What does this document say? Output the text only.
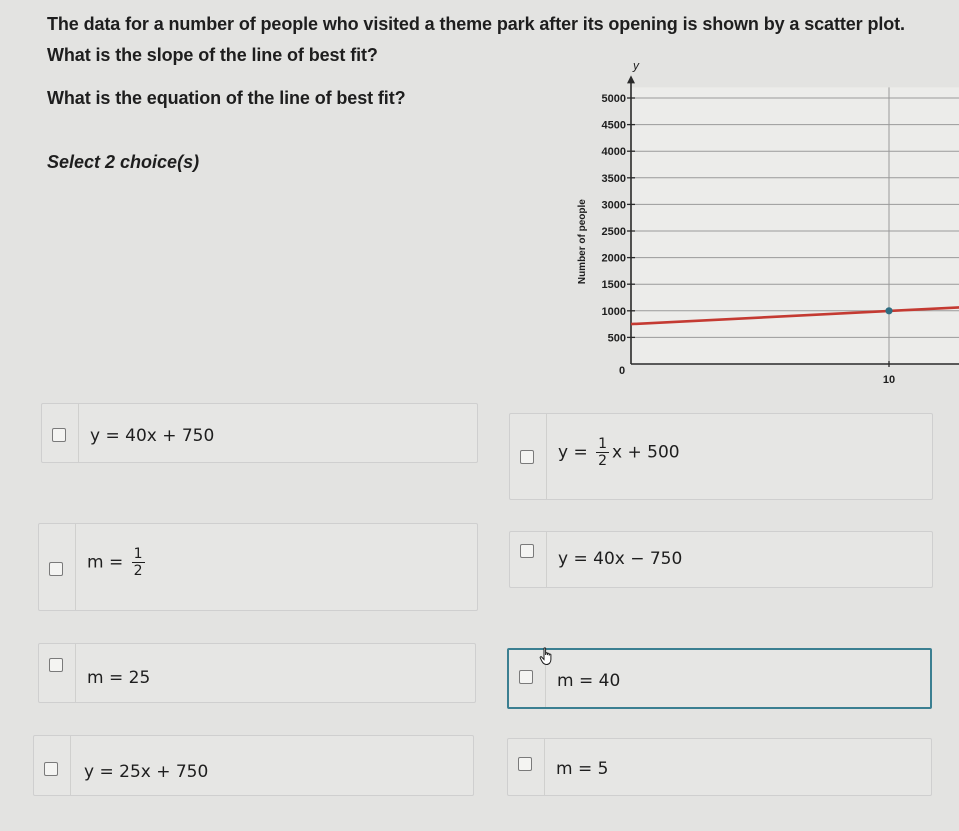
The data for a number of people who visited a theme park after its opening is shown by a scatter plot.
What is the slope of the line of best fit?
What is the equation of the line of best fit?
Select 2 choice(s)
y
0
10
500
1000
1500
2000
2500
3000
3500
4000
4500
5000
Number of people
y = 40x + 750
$y = \frac{1}{2}$ x + 500
$m = \frac{1}{2}$	y = 40x − 750
m = 25	m = 40
y = 25x + 750	m = 5
